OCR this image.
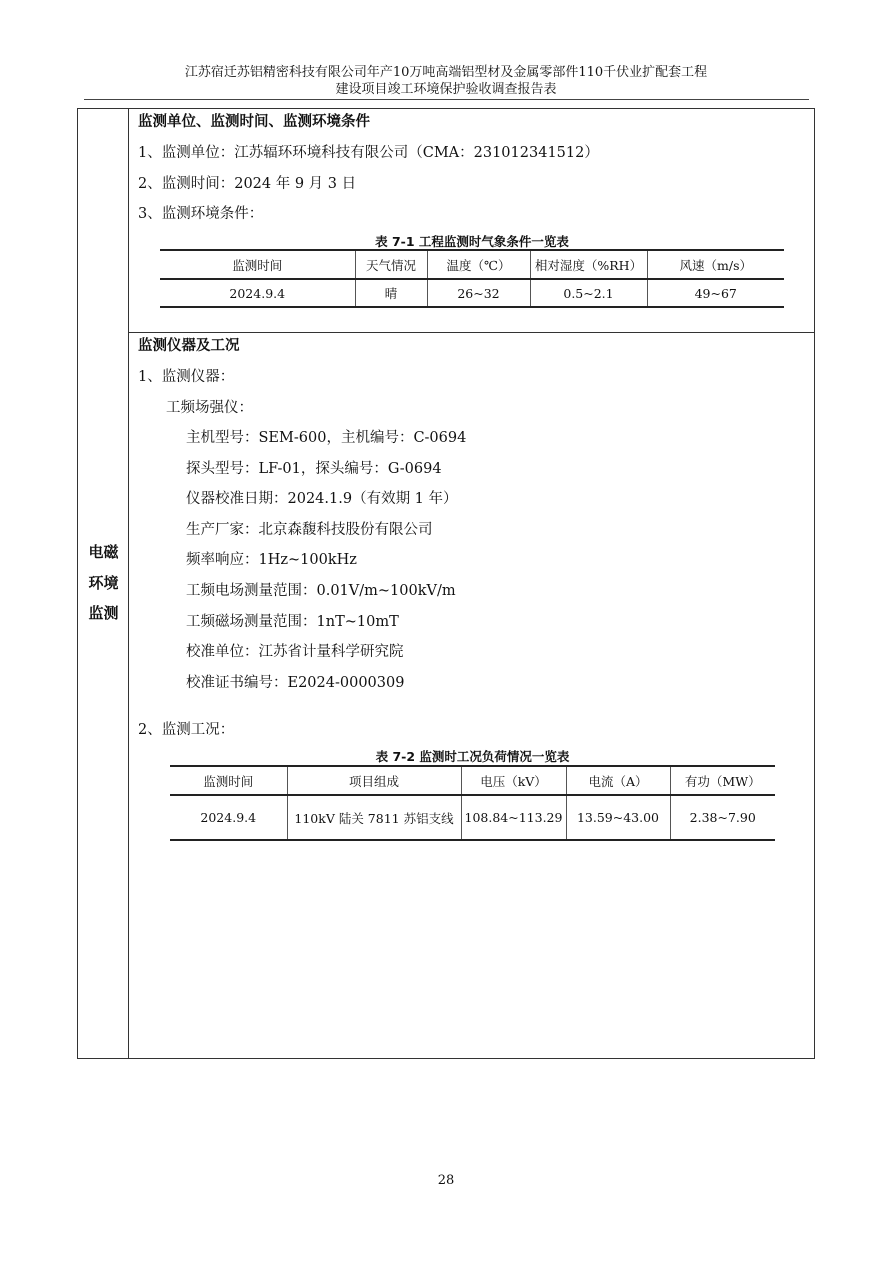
江苏宿迁苏铝精密科技有限公司年产10万吨高端铝型材及金属零部件110千伏业扩配套工程
建设项目竣工环境保护验收调查报告表
电磁
环境
监测
监测单位、监测时间、监测环境条件
1、监测单位：江苏辐环环境科技有限公司（CMA：231012341512）
2、监测时间：2024 年 9 月 3 日
3、监测环境条件：
表 7-1 工程监测时气象条件一览表
监测时间	天气情况	温度（℃）	相对湿度（%RH）	风速（m/s）
2024.9.4	晴	26~32	0.5~2.1	49~67
监测仪器及工况
1、监测仪器：
工频场强仪：
主机型号：SEM-600，主机编号：C-0694
探头型号：LF-01，探头编号：G-0694
仪器校准日期：2024.1.9（有效期 1 年）
生产厂家：北京森馥科技股份有限公司
频率响应：1Hz~100kHz
工频电场测量范围：0.01V/m~100kV/m
工频磁场测量范围：1nT~10mT
校准单位：江苏省计量科学研究院
校准证书编号：E2024-0000309
2、监测工况：
表 7-2 监测时工况负荷情况一览表
监测时间	项目组成	电压（kV）	电流（A）	有功（MW）
2024.9.4	110kV 陆关 7811 苏铝支线	108.84~113.29	13.59~43.00	2.38~7.90
28
